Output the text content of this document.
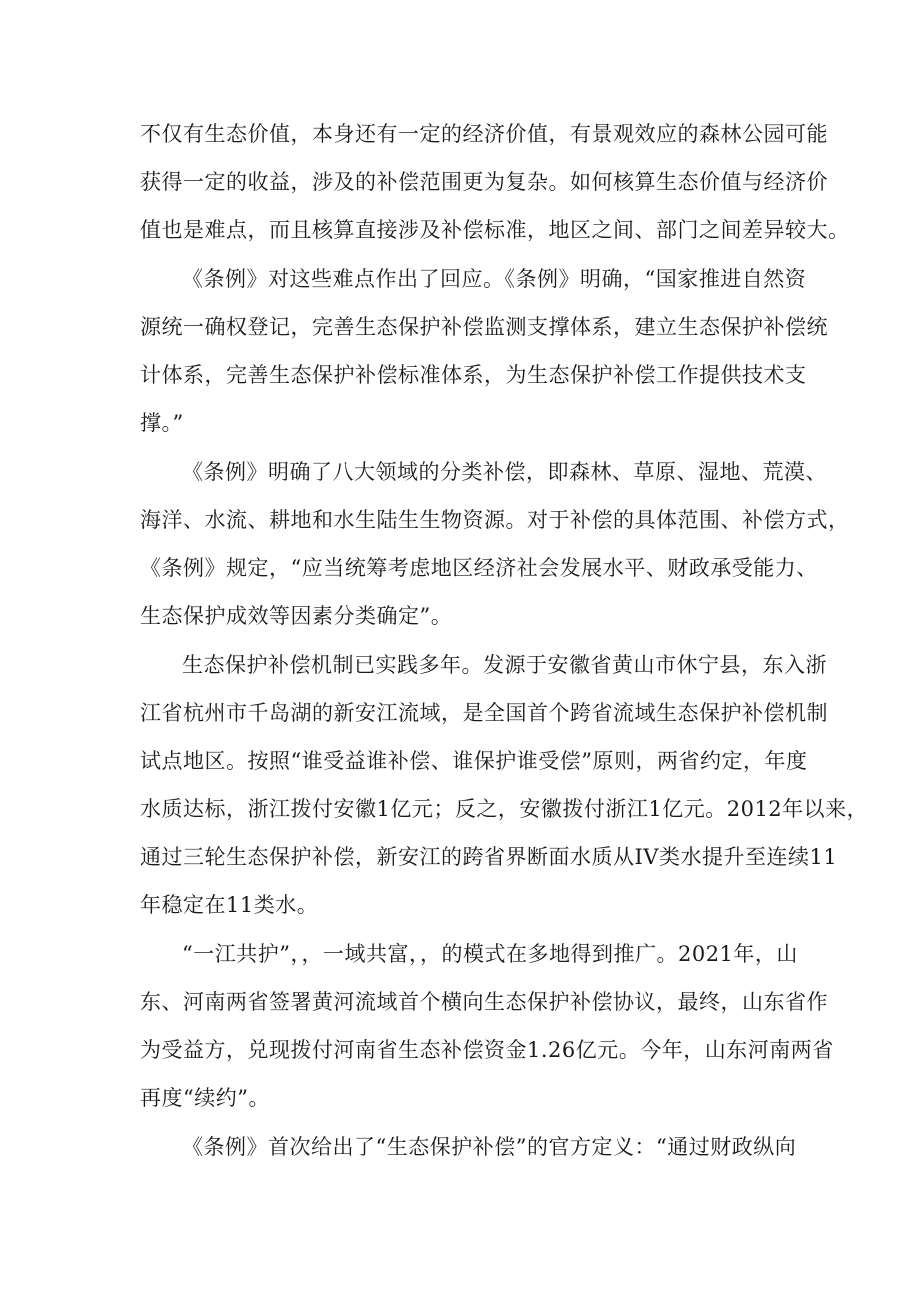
不仅有生态价值，本身还有一定的经济价值，有景观效应的森林公园可能
获得一定的收益，涉及的补偿范围更为复杂。如何核算生态价值与经济价
值也是难点，而且核算直接涉及补偿标准，地区之间、部门之间差异较大。
《条例》对这些难点作出了回应。《条例》明确，“国家推进自然资
源统一确权登记，完善生态保护补偿监测支撑体系，建立生态保护补偿统
计体系，完善生态保护补偿标准体系，为生态保护补偿工作提供技术支
撑。”
《条例》明确了八大领域的分类补偿，即森林、草原、湿地、荒漠、
海洋、水流、耕地和水生陆生生物资源。对于补偿的具体范围、补偿方式，
《条例》规定，“应当统筹考虑地区经济社会发展水平、财政承受能力、
生态保护成效等因素分类确定”。
生态保护补偿机制已实践多年。发源于安徽省黄山市休宁县，东入浙
江省杭州市千岛湖的新安江流域，是全国首个跨省流域生态保护补偿机制
试点地区。按照“谁受益谁补偿、谁保护谁受偿”原则，两省约定，年度
水质达标，浙江拨付安徽1亿元；反之，安徽拨付浙江1亿元。2012年以来，
通过三轮生态保护补偿，新安江的跨省界断面水质从IV类水提升至连续11
年稳定在11类水。
“一江共护”，，一域共富，，的模式在多地得到推广。2021年，山
东、河南两省签署黄河流域首个横向生态保护补偿协议，最终，山东省作
为受益方，兑现拨付河南省生态补偿资金1.26亿元。今年，山东河南两省
再度“续约”。
《条例》首次给出了“生态保护补偿”的官方定义：“通过财政纵向
